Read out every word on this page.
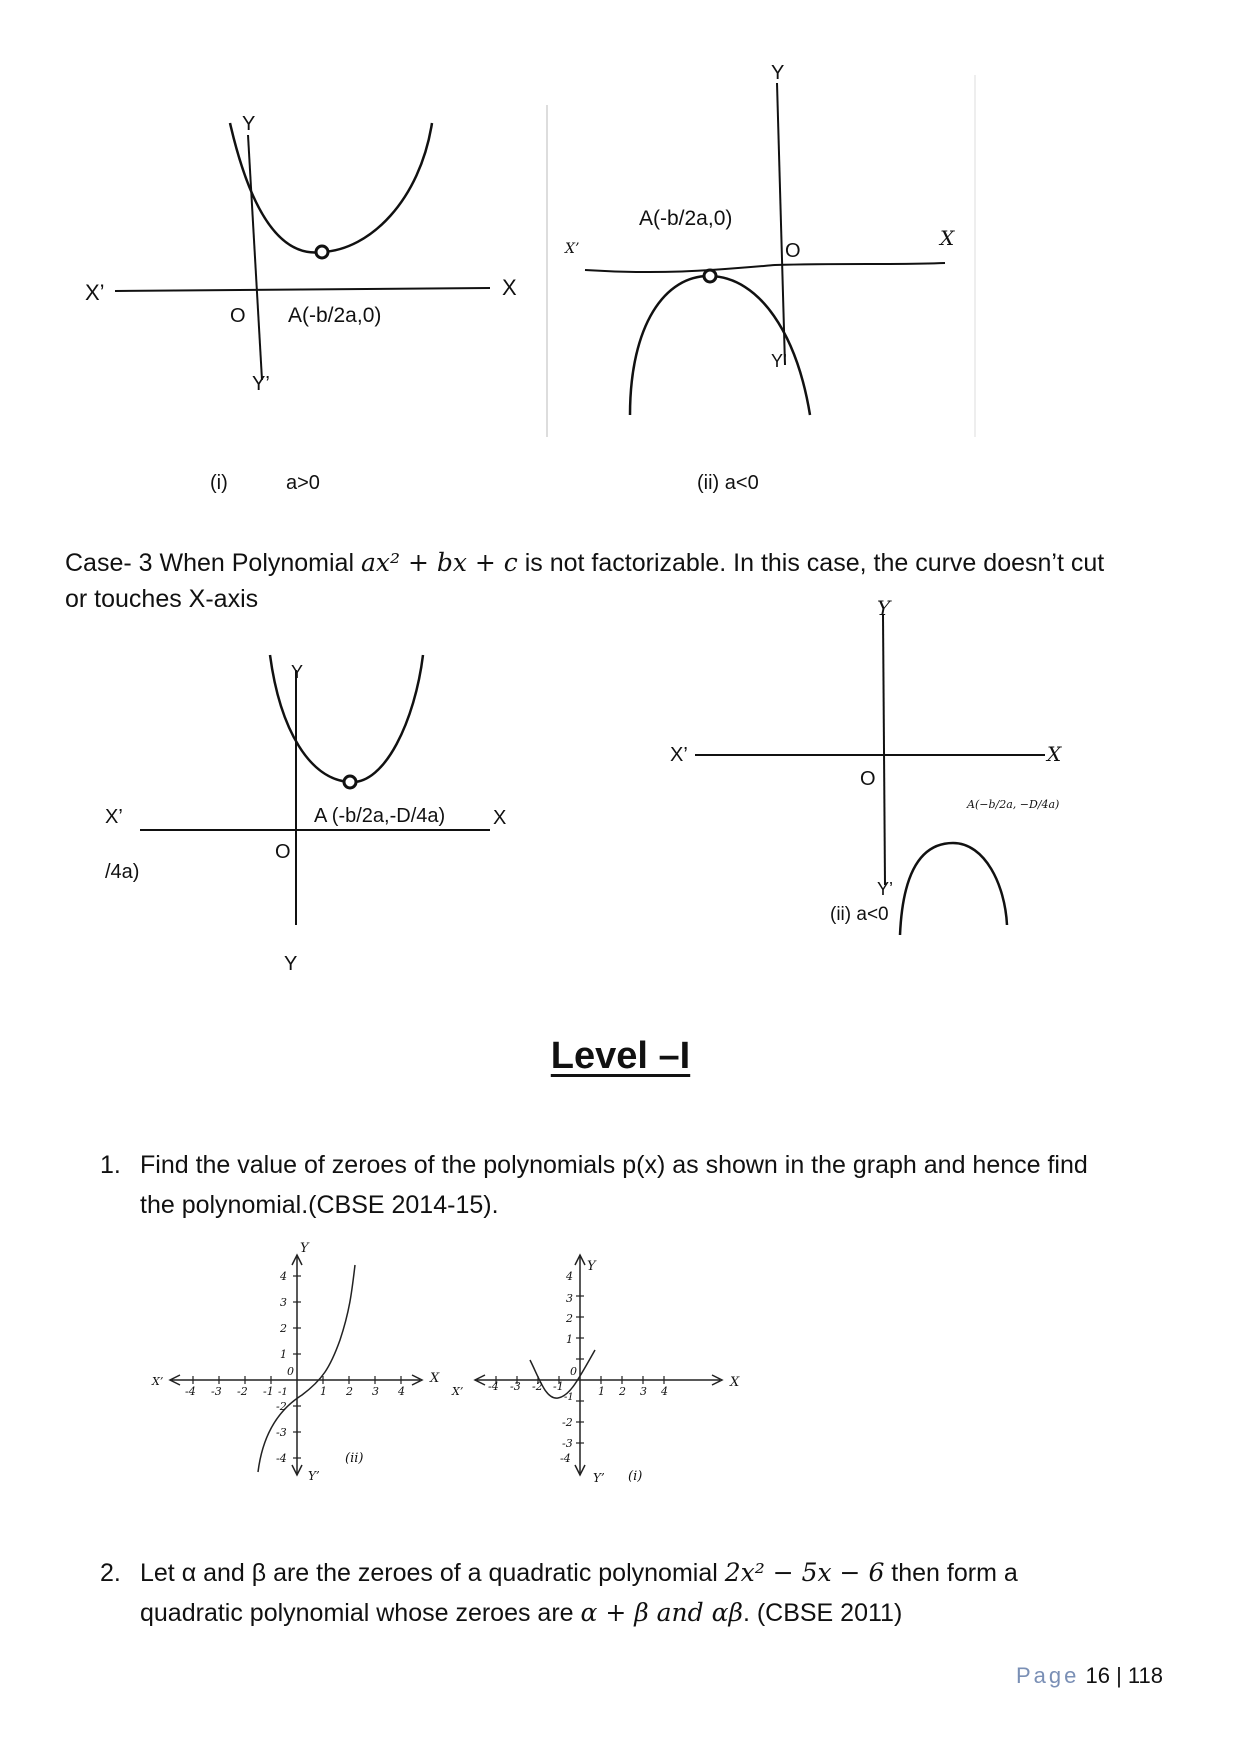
Y
X’	X
O A(-b/2a,0)
Y’
Y
X’	X
O
A(-b/2a,0)
Y’
(i)	a>0	(ii) a<0
Case- 3 When Polynomial ax² + bx + c is not factorizable. In this case, the curve doesn’t cut
or touches X-axis
Y
X’	X
O
A (-b/2a,-D/4a)
Y
/4a)
Y
X’	X
O
A(−b/2a, −D/4a)
Y’
(ii) a<0
Level –I
1. Find the value of zeroes of the polynomials p(x) as shown in the graph and hence find
the polynomial.(CBSE 2014-15).
-4 -3 -2 -1
0
1 2 3 4
4
3
2
1
-1
-2
-3
-4
Y
X
X’
Y’
(ii)
-4 -3 -2 -1
0
1 2 3 4
4
3
2
1
-1
-2
-3
-4
Y
X
X’
Y’ (i)
2. Let α and β are the zeroes of a quadratic polynomial 2x² − 5x − 6 then form a
quadratic polynomial whose zeroes are α + β and αβ. (CBSE 2011)
Page 16 | 118
